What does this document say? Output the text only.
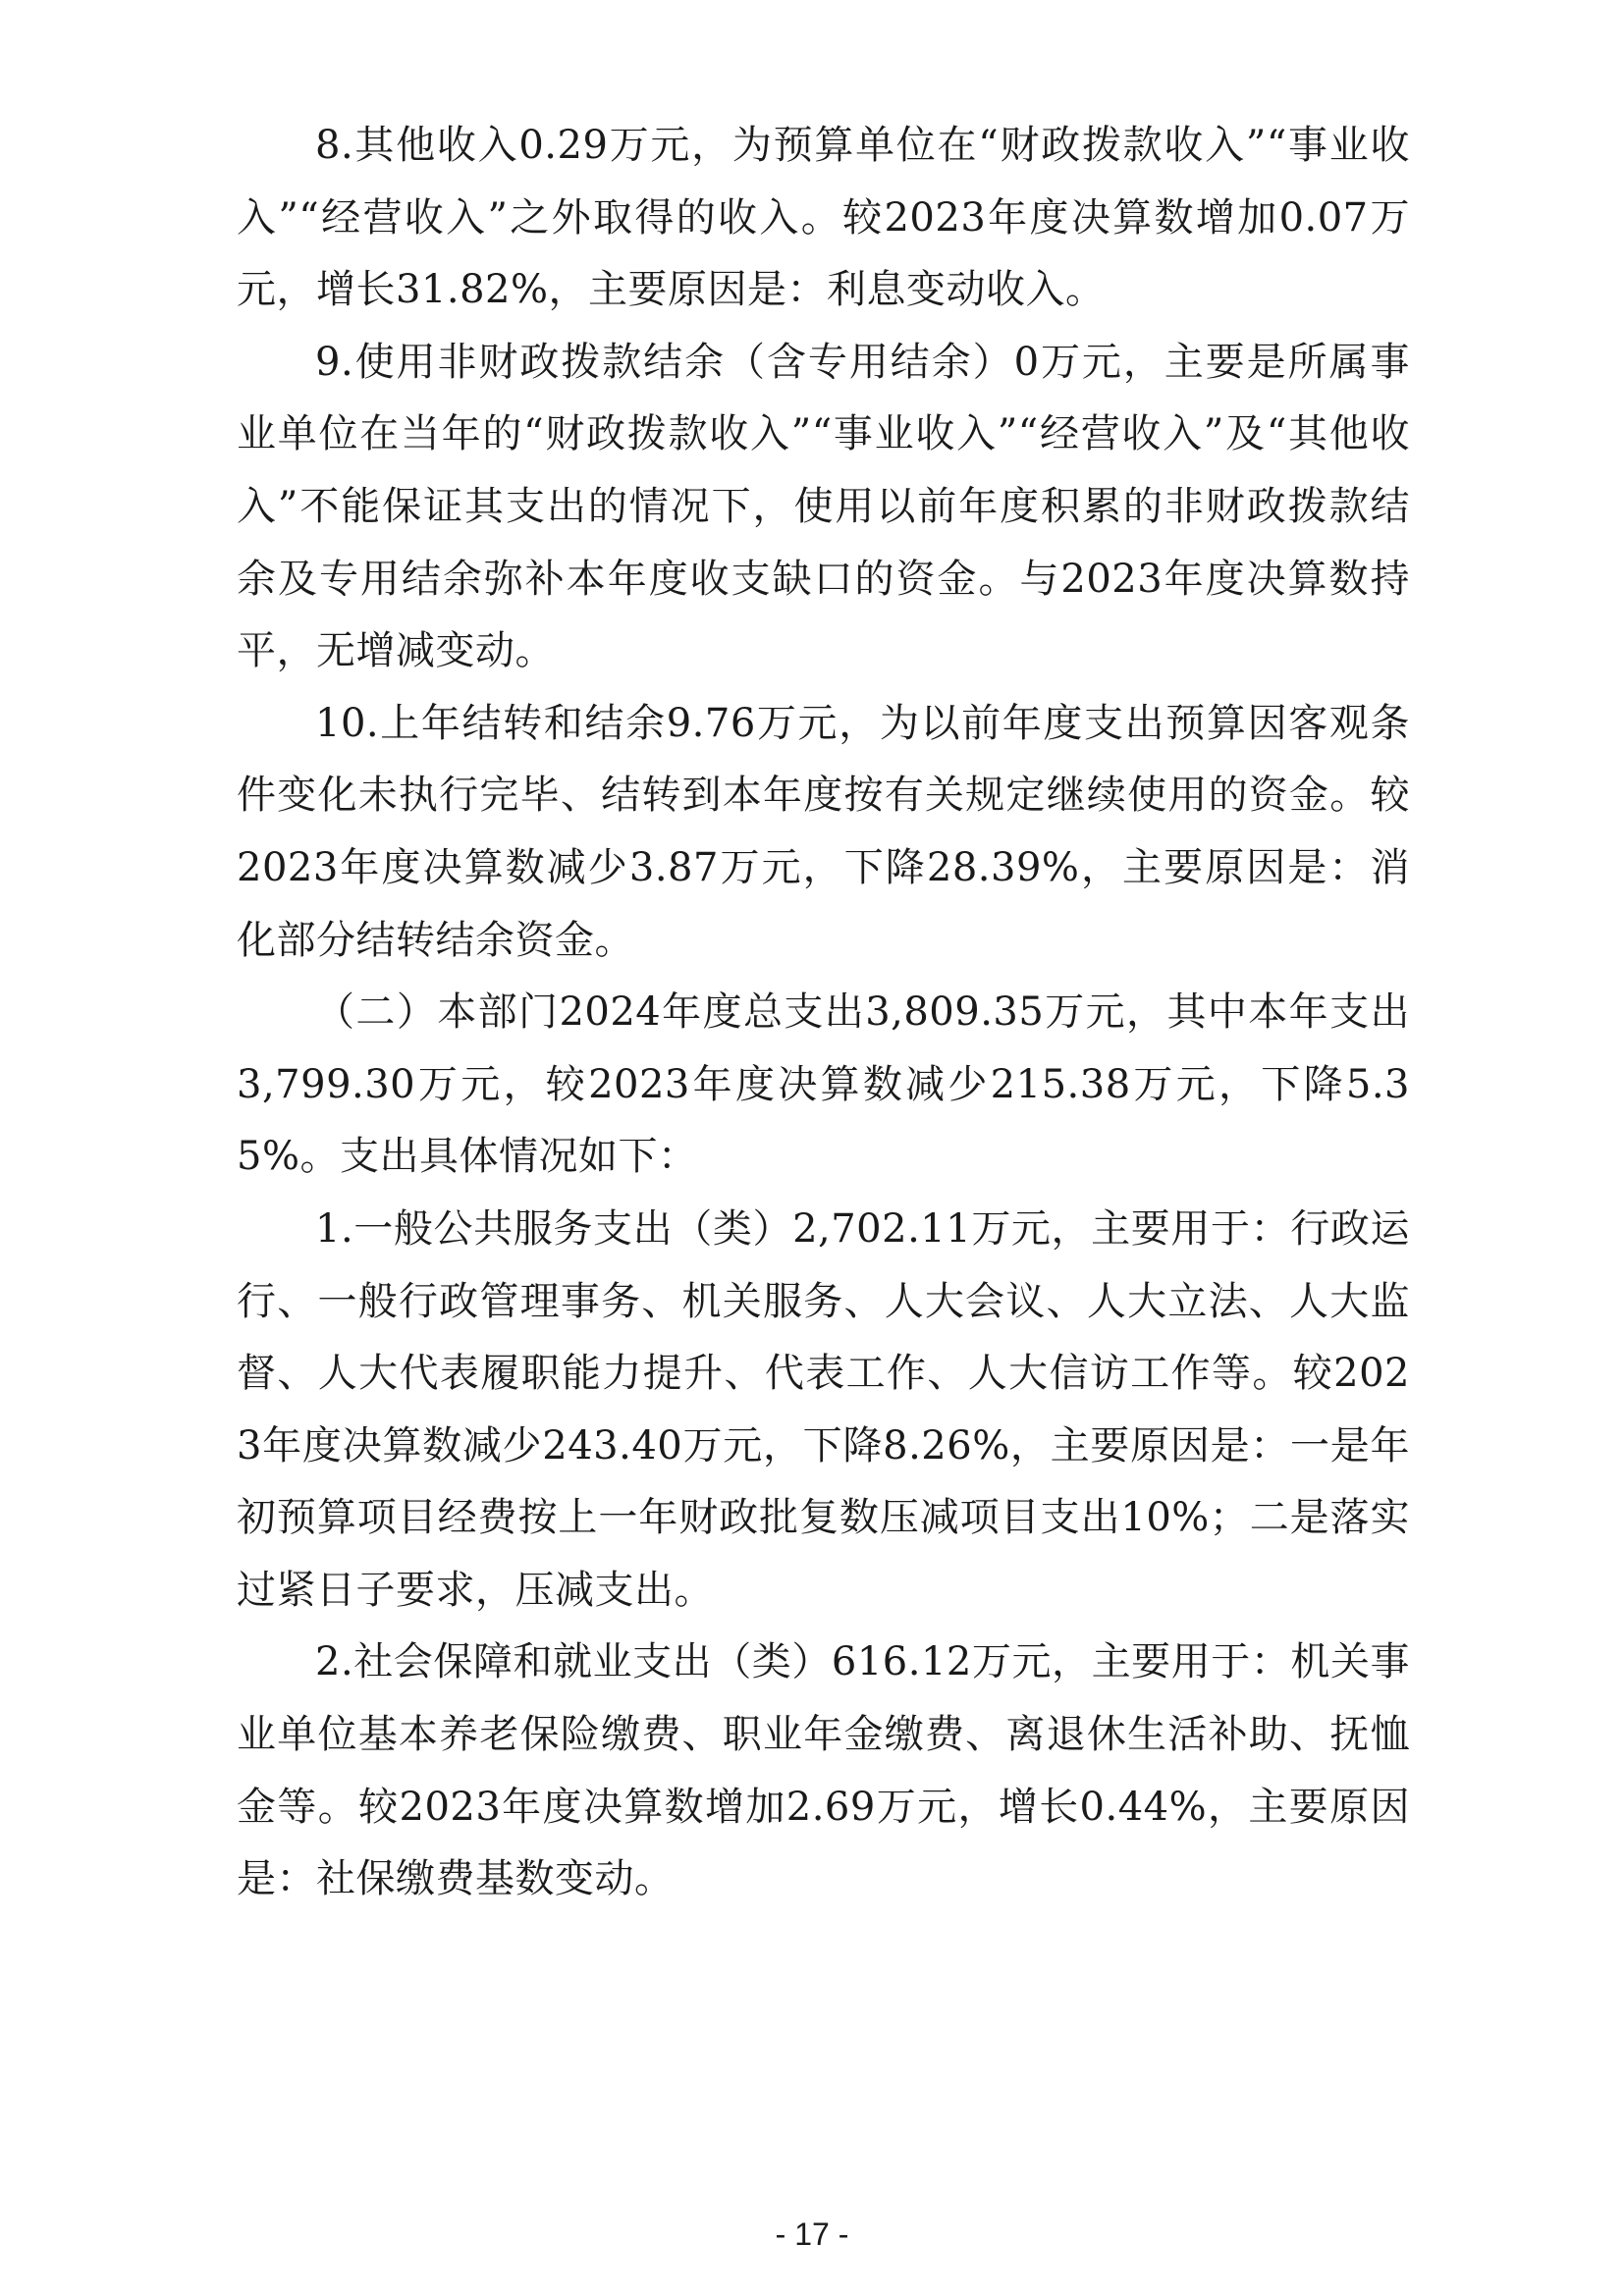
8.其他收入0.29万元，为预算单位在“财政拨款收入”“事业收入”“经营收入”之外取得的收入。较2023年度决算数增加0.07万元，增长31.82%，主要原因是：利息变动收入。

9.使用非财政拨款结余（含专用结余）0万元，主要是所属事业单位在当年的“财政拨款收入”“事业收入”“经营收入”及“其他收入”不能保证其支出的情况下，使用以前年度积累的非财政拨款结余及专用结余弥补本年度收支缺口的资金。与2023年度决算数持平，无增减变动。

10.上年结转和结余9.76万元，为以前年度支出预算因客观条件变化未执行完毕、结转到本年度按有关规定继续使用的资金。较2023年度决算数减少3.87万元，下降28.39%，主要原因是：消化部分结转结余资金。

（二）本部门2024年度总支出3,809.35万元，其中本年支出3,799.30万元，较2023年度决算数减少215.38万元，下降5.35%。支出具体情况如下：

1.一般公共服务支出（类）2,702.11万元，主要用于：行政运行、一般行政管理事务、机关服务、人大会议、人大立法、人大监督、人大代表履职能力提升、代表工作、人大信访工作等。较2023年度决算数减少243.40万元，下降8.26%，主要原因是：一是年初预算项目经费按上一年财政批复数压减项目支出10%；二是落实过紧日子要求，压减支出。

2.社会保障和就业支出（类）616.12万元，主要用于：机关事业单位基本养老保险缴费、职业年金缴费、离退休生活补助、抚恤金等。较2023年度决算数增加2.69万元，增长0.44%，主要原因是：社保缴费基数变动。

- 17 -
